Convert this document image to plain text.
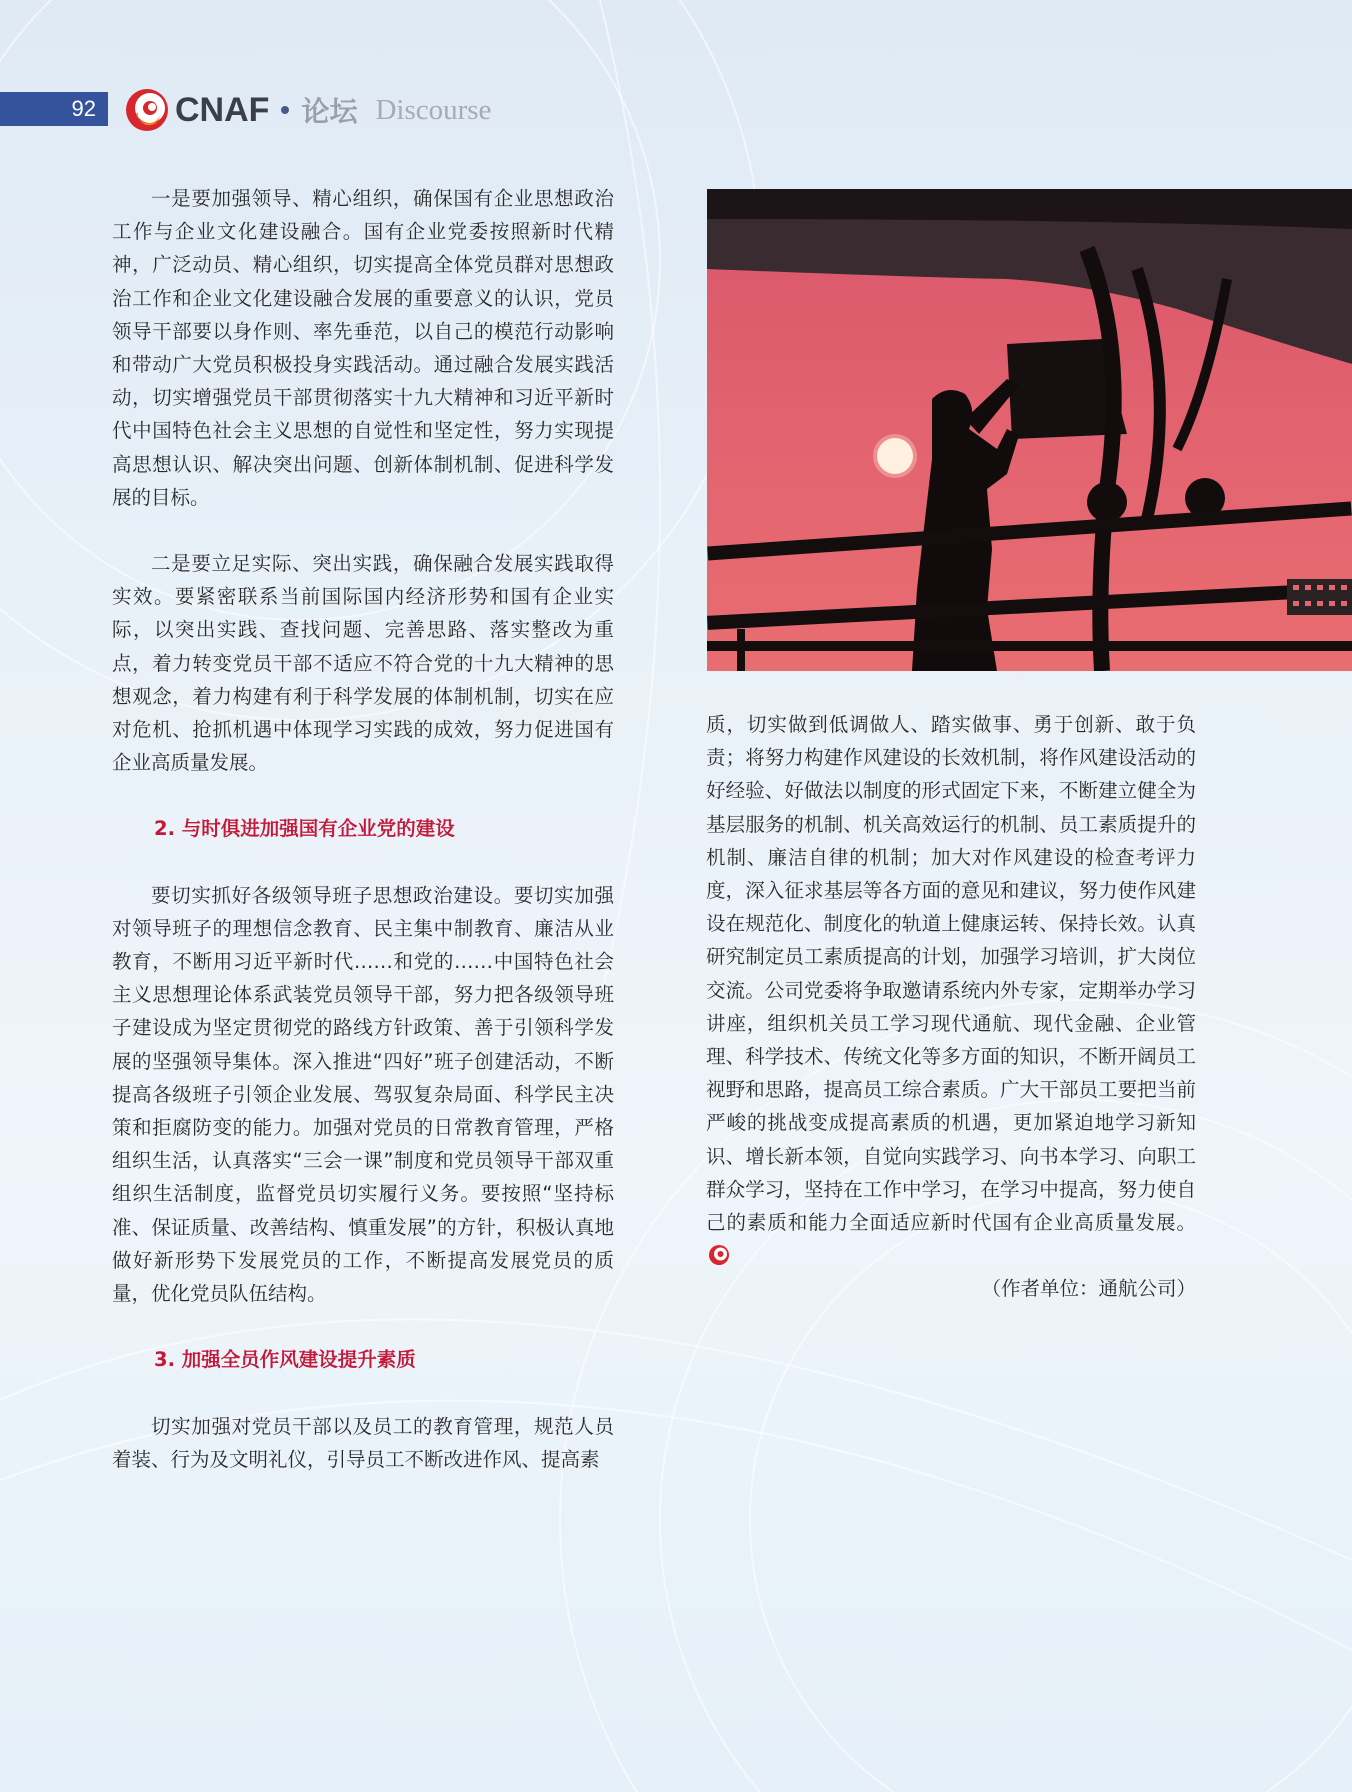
92	CNAF 论坛 Discourse

一是要加强领导、精心组织，确保国有企业思想政治工作与企业文化建设融合。国有企业党委按照新时代精神，广泛动员、精心组织，切实提高全体党员群对思想政治工作和企业文化建设融合发展的重要意义的认识，党员领导干部要以身作则、率先垂范，以自己的模范行动影响和带动广大党员积极投身实践活动。通过融合发展实践活动，切实增强党员干部贯彻落实十九大精神和习近平新时代中国特色社会主义思想的自觉性和坚定性，努力实现提高思想认识、解决突出问题、创新体制机制、促进科学发展的目标。

二是要立足实际、突出实践，确保融合发展实践取得实效。要紧密联系当前国际国内经济形势和国有企业实际，以突出实践、查找问题、完善思路、落实整改为重点，着力转变党员干部不适应不符合党的十九大精神的思想观念，着力构建有利于科学发展的体制机制，切实在应对危机、抢抓机遇中体现学习实践的成效，努力促进国有企业高质量发展。

2. 与时俱进加强国有企业党的建设

要切实抓好各级领导班子思想政治建设。要切实加强对领导班子的理想信念教育、民主集中制教育、廉洁从业教育，不断用习近平新时代……和党的……中国特色社会主义思想理论体系武装党员领导干部，努力把各级领导班子建设成为坚定贯彻党的路线方针政策、善于引领科学发展的坚强领导集体。深入推进“四好”班子创建活动，不断提高各级班子引领企业发展、驾驭复杂局面、科学民主决策和拒腐防变的能力。加强对党员的日常教育管理，严格组织生活，认真落实“三会一课”制度和党员领导干部双重组织生活制度，监督党员切实履行义务。要按照“坚持标准、保证质量、改善结构、慎重发展”的方针，积极认真地做好新形势下发展党员的工作，不断提高发展党员的质量，优化党员队伍结构。

3. 加强全员作风建设提升素质

切实加强对党员干部以及员工的教育管理，规范人员着装、行为及文明礼仪，引导员工不断改进作风、提高素

质，切实做到低调做人、踏实做事、勇于创新、敢于负责；将努力构建作风建设的长效机制，将作风建设活动的好经验、好做法以制度的形式固定下来，不断建立健全为基层服务的机制、机关高效运行的机制、员工素质提升的机制、廉洁自律的机制；加大对作风建设的检查考评力度，深入征求基层等各方面的意见和建议，努力使作风建设在规范化、制度化的轨道上健康运转、保持长效。认真研究制定员工素质提高的计划，加强学习培训，扩大岗位交流。公司党委将争取邀请系统内外专家，定期举办学习讲座，组织机关员工学习现代通航、现代金融、企业管理、科学技术、传统文化等多方面的知识，不断开阔员工视野和思路，提高员工综合素质。广大干部员工要把当前严峻的挑战变成提高素质的机遇，更加紧迫地学习新知识、增长新本领，自觉向实践学习、向书本学习、向职工群众学习，坚持在工作中学习，在学习中提高，努力使自己的素质和能力全面适应新时代国有企业高质量发展。

（作者单位：通航公司）
